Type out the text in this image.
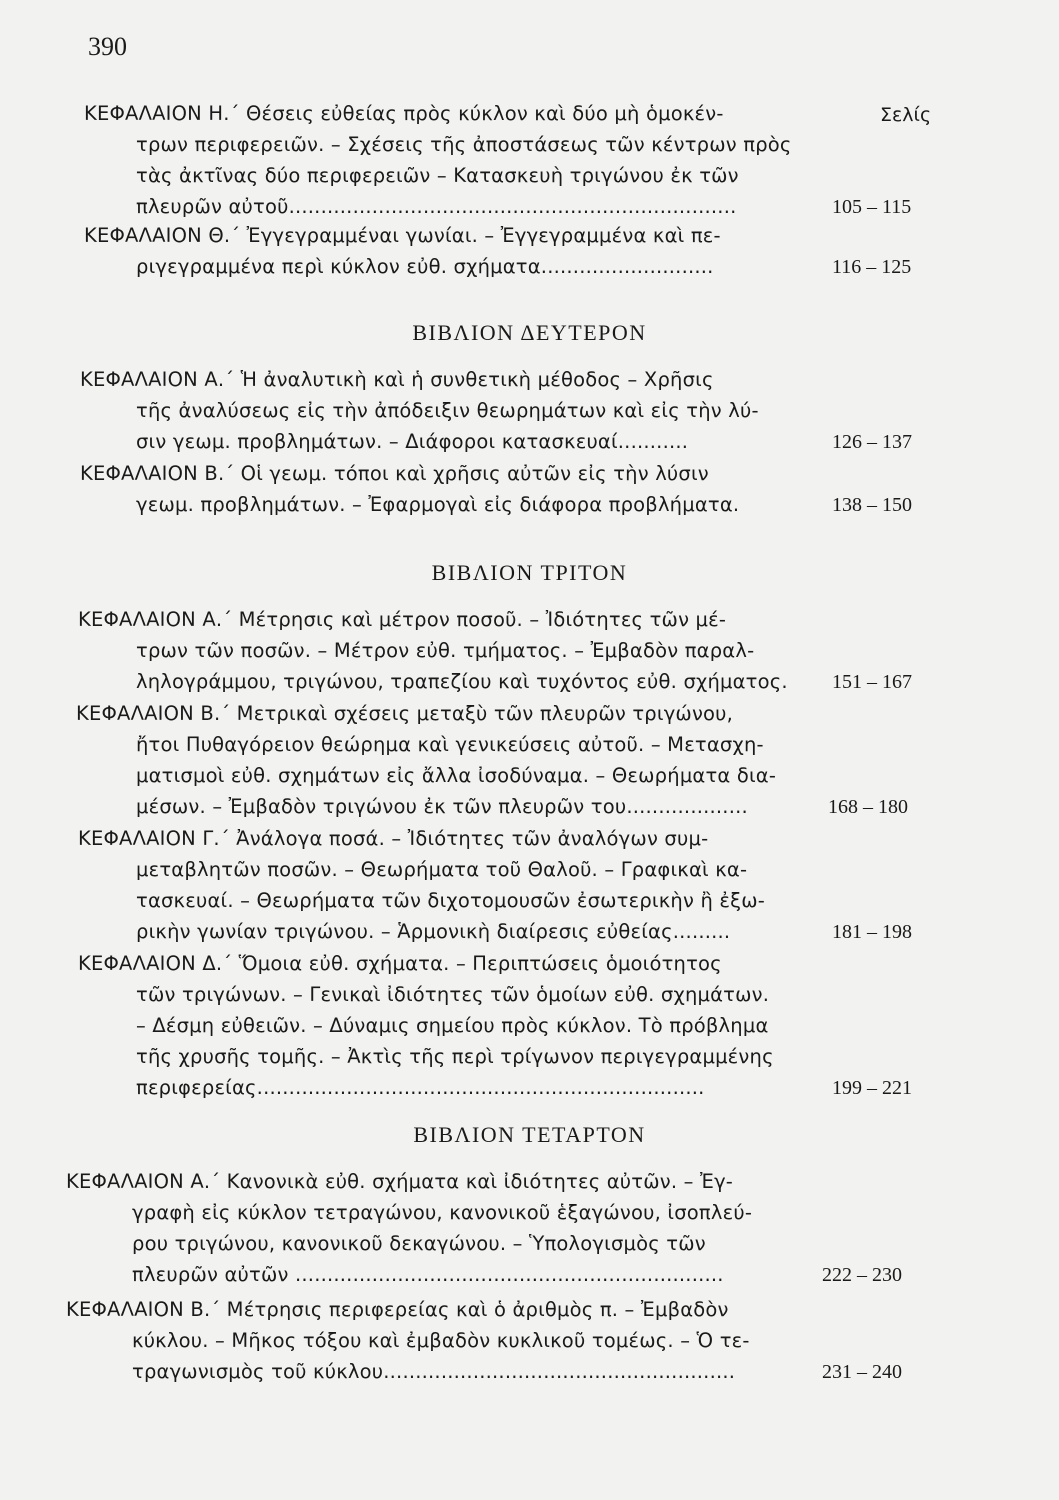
390
Σελίς
ΚΕΦΑΛΑΙΟΝ Η.΄ Θέσεις εὐθείας πρὸς κύκλον καὶ δύο μὴ ὁμοκέν-
τρων περιφερειῶν. – Σχέσεις τῆς ἀποστάσεως τῶν κέντρων πρὸς
τὰς ἀκτῖνας δύο περιφερειῶν – Κατασκευὴ τριγώνου ἐκ τῶν
πλευρῶν αὐτοῦ......................................................................	105 – 115
ΚΕΦΑΛΑΙΟΝ Θ.΄ Ἐγγεγραμμέναι γωνίαι. – Ἐγγεγραμμένα καὶ πε-
ριγεγραμμένα περὶ κύκλον εὐθ. σχήματα...........................	116 – 125
ΒΙΒΛΙΟΝ ΔΕΥΤΕΡΟΝ
ΚΕΦΑΛΑΙΟΝ Α.΄ Ἡ ἀναλυτικὴ καὶ ἡ συνθετικὴ μέθοδος – Χρῆσις
τῆς ἀναλύσεως εἰς τὴν ἀπόδειξιν θεωρημάτων καὶ εἰς τὴν λύ-
σιν γεωμ. προβλημάτων. – Διάφοροι κατασκευαί...........	126 – 137
ΚΕΦΑΛΑΙΟΝ Β.΄ Οἱ γεωμ. τόποι καὶ χρῆσις αὐτῶν εἰς τὴν λύσιν
γεωμ. προβλημάτων. – Ἐφαρμογαὶ εἰς διάφορα προβλήματα.	138 – 150
ΒΙΒΛΙΟΝ ΤΡΙΤΟΝ
ΚΕΦΑΛΑΙΟΝ Α.΄ Μέτρησις καὶ μέτρον ποσοῦ. – Ἰδιότητες τῶν μέ-
τρων τῶν ποσῶν. – Μέτρον εὐθ. τμήματος. – Ἐμβαδὸν παραλ-
ληλογράμμου, τριγώνου, τραπεζίου καὶ τυχόντος εὐθ. σχήματος. 151 – 167
ΚΕΦΑΛΑΙΟΝ Β.΄ Μετρικαὶ σχέσεις μεταξὺ τῶν πλευρῶν τριγώνου,
ἤτοι Πυθαγόρειον θεώρημα καὶ γενικεύσεις αὐτοῦ. – Μετασχη-
ματισμοὶ εὐθ. σχημάτων εἰς ἄλλα ἰσοδύναμα. – Θεωρήματα δια-
μέσων. – Ἐμβαδὸν τριγώνου ἐκ τῶν πλευρῶν του...................	168 – 180
ΚΕΦΑΛΑΙΟΝ Γ.΄ Ἀνάλογα ποσά. – Ἰδιότητες τῶν ἀναλόγων συμ-
μεταβλητῶν ποσῶν. – Θεωρήματα τοῦ Θαλοῦ. – Γραφικαὶ κα-
τασκευαί. – Θεωρήματα τῶν διχοτομουσῶν ἐσωτερικὴν ἢ ἐξω-
ρικὴν γωνίαν τριγώνου. – Ἁρμονικὴ διαίρεσις εὐθείας.........	181 – 198
ΚΕΦΑΛΑΙΟΝ Δ.΄ Ὅμοια εὐθ. σχήματα. – Περιπτώσεις ὁμοιότητος
τῶν τριγώνων. – Γενικαὶ ἰδιότητες τῶν ὁμοίων εὐθ. σχημάτων.
– Δέσμη εὐθειῶν. – Δύναμις σημείου πρὸς κύκλον. Τὸ πρόβλημα
τῆς χρυσῆς τομῆς. – Ἀκτὶς τῆς περὶ τρίγωνον περιγεγραμμένης
περιφερείας......................................................................	199 – 221
ΒΙΒΛΙΟΝ ΤΕΤΑΡΤΟΝ
ΚΕΦΑΛΑΙΟΝ Α.΄ Κανονικὰ εὐθ. σχήματα καὶ ἰδιότητες αὐτῶν. – Ἐγ-
γραφὴ εἰς κύκλον τετραγώνου, κανονικοῦ ἑξαγώνου, ἰσοπλεύ-
ρου τριγώνου, κανονικοῦ δεκαγώνου. – Ὑπολογισμὸς τῶν
πλευρῶν αὐτῶν ...................................................................	222 – 230
ΚΕΦΑΛΑΙΟΝ Β.΄ Μέτρησις περιφερείας καὶ ὁ ἀριθμὸς π. – Ἐμβαδὸν
κύκλου. – Μῆκος τόξου καὶ ἐμβαδὸν κυκλικοῦ τομέως. – Ὁ τε-
τραγωνισμὸς τοῦ κύκλου.......................................................	231 – 240
